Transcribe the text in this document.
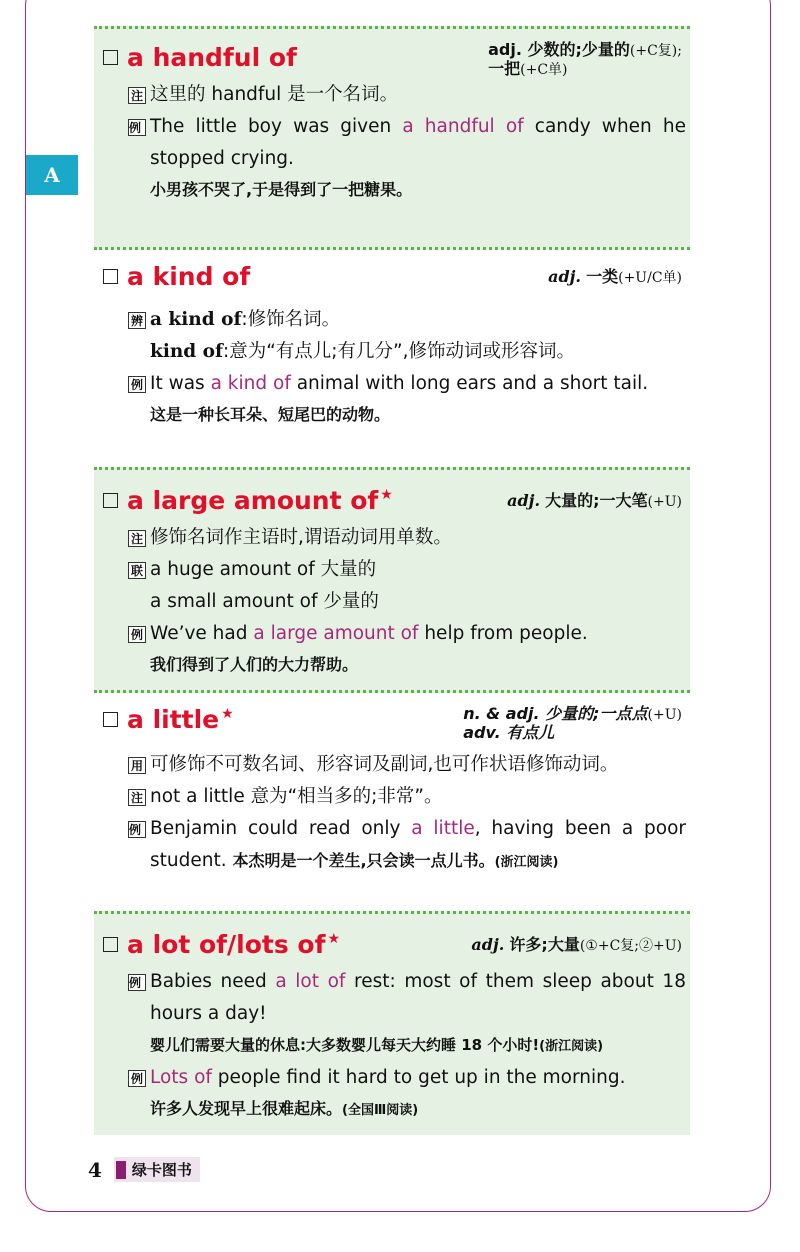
A
a handful of	adj. 少数的;少量的(+C复);
一把(+C单)
注 这里的 handful 是一个名词。
例 The little boy was given a handful of candy when he
stopped crying.
小男孩不哭了,于是得到了一把糖果。
a kind of	adj. 一类(+U/C单)
辨 a kind of:修饰名词。
kind of:意为“有点儿;有几分”,修饰动词或形容词。
例 It was a kind of animal with long ears and a short tail.
这是一种长耳朵、短尾巴的动物。
a large amount of ★	adj. 大量的;一大笔(+U)
注 修饰名词作主语时,谓语动词用单数。
联 a huge amount of 大量的
a small amount of 少量的
例 We’ve had a large amount of help from people.
我们得到了人们的大力帮助。
a little ★	n. & adj. 少量的;一点点(+U)
adv. 有点儿
用 可修饰不可数名词、形容词及副词,也可作状语修饰动词。
注 not a little 意为“相当多的;非常”。
例 Benjamin could read only a little, having been a poor
student. 本杰明是一个差生,只会读一点儿书。(浙江阅读)
a lot of/lots of ★	adj. 许多;大量(①+C复;②+U)
例 Babies need a lot of rest: most of them sleep about 18
hours a day!
婴儿们需要大量的休息:大多数婴儿每天大约睡 18 个小时!(浙江阅读)
例 Lots of people find it hard to get up in the morning.
许多人发现早上很难起床。(全国Ⅲ阅读)
4 绿卡图书
